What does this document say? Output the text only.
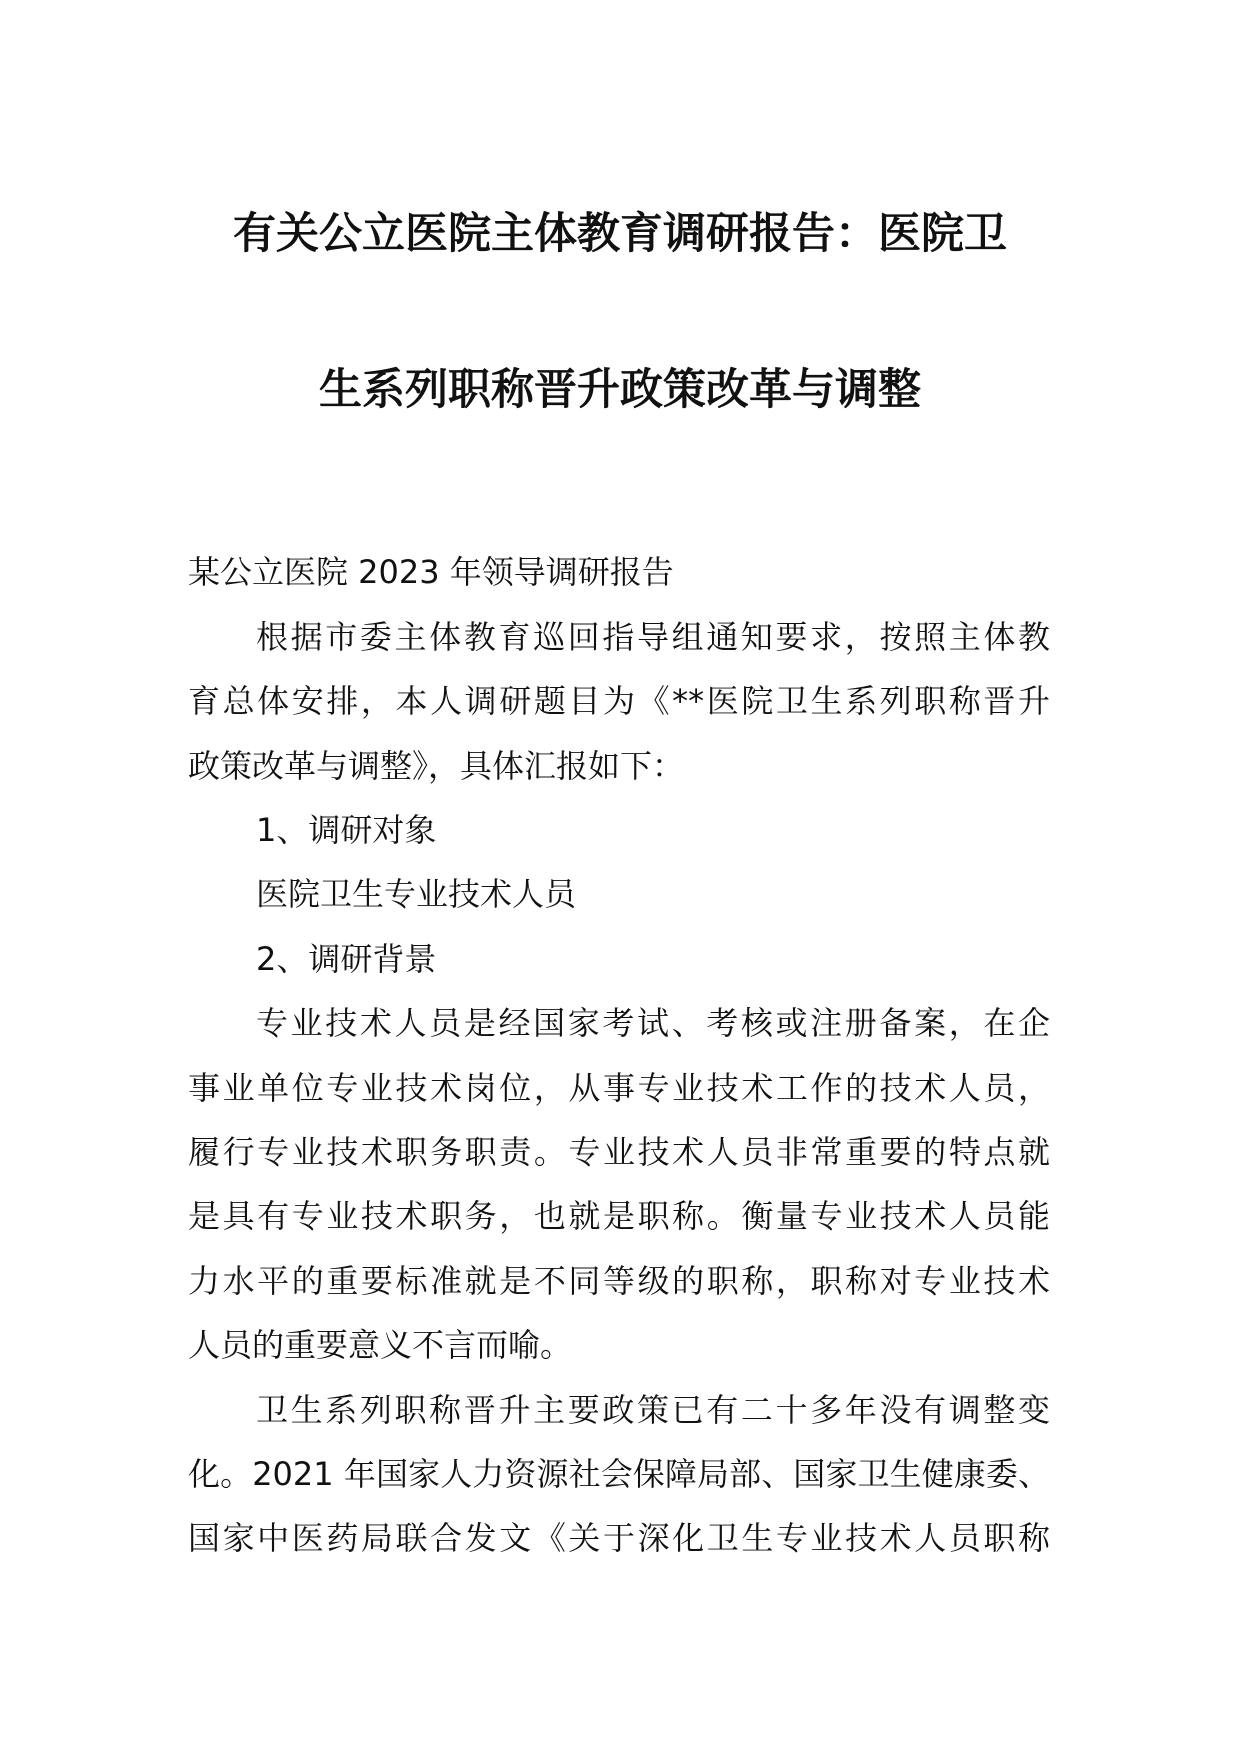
有关公立医院主体教育调研报告：医院卫
生系列职称晋升政策改革与调整

某公立医院 2023 年领导调研报告

根据市委主体教育巡回指导组通知要求，按照主体教

育总体安排，本人调研题目为《**医院卫生系列职称晋升

政策改革与调整》，具体汇报如下：

1、调研对象

医院卫生专业技术人员

2、调研背景

专业技术人员是经国家考试、考核或注册备案，在企

事业单位专业技术岗位，从事专业技术工作的技术人员，

履行专业技术职务职责。专业技术人员非常重要的特点就

是具有专业技术职务，也就是职称。衡量专业技术人员能

力水平的重要标准就是不同等级的职称，职称对专业技术

人员的重要意义不言而喻。

卫生系列职称晋升主要政策已有二十多年没有调整变

化。2021 年国家人力资源社会保障局部、国家卫生健康委、

国家中医药局联合发文《关于深化卫生专业技术人员职称
